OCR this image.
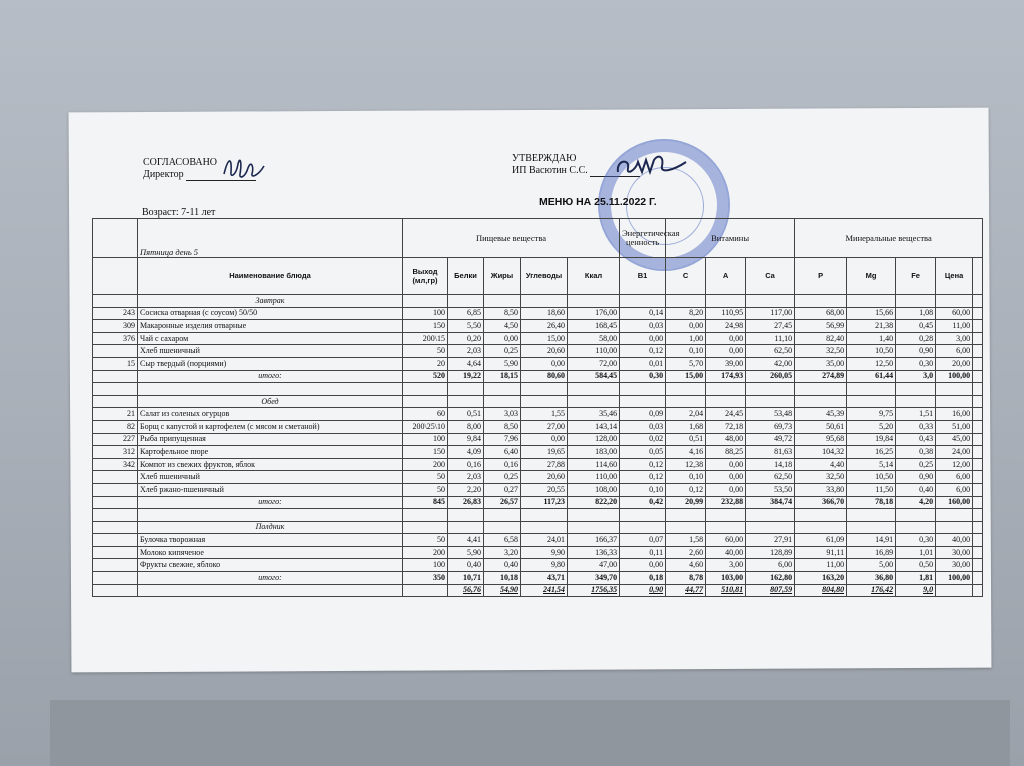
СОГЛАСОВАНО
Директор
УТВЕРЖДАЮ
ИП Васютин С.С.
МЕНЮ НА 25.11.2022 Г.
Возраст: 7-11 лет
	Пятница день 5	Пищевые вещества					Энергетическая ценность	Витамины			Минеральные вещества					
	Наименование блюда	Выход (мл,гр)	Белки	Жиры	Углеводы	Ккал	B1	C	A	Ca	P	Mg	Fe	Цена		
	Завтрак															
243	Сосиска отварная (с соусом) 50/50	100	6,85	8,50	18,60	176,00	0,14	8,20	110,95	117,00	68,00	15,66	1,08	60,00		
309	Макаронные изделия отварные	150	5,50	4,50	26,40	168,45	0,03	0,00	24,98	27,45	56,99	21,38	0,45	11,00		
376	Чай с сахаром	200\15	0,20	0,00	15,00	58,00	0,00	1,00	0,00	11,10	82,40	1,40	0,28	3,00		
	Хлеб пшеничный	50	2,03	0,25	20,60	110,00	0,12	0,10	0,00	62,50	32,50	10,50	0,90	6,00		
15	Сыр твердый (порциями)	20	4,64	5,90	0,00	72,00	0,01	5,70	39,00	42,00	35,00	12,50	0,30	20,00		
	итого:	520	19,22	18,15	80,60	584,45	0,30	15,00	174,93	260,05	274,89	61,44	3,0	100,00		

	Обед															
21	Салат из соленых огурцов	60	0,51	3,03	1,55	35,46	0,09	2,04	24,45	53,48	45,39	9,75	1,51	16,00		
82	Борщ с капустой и картофелем (с мясом и сметаной)	200\25\10	8,00	8,50	27,00	143,14	0,03	1,68	72,18	69,73	50,61	5,20	0,33	51,00		
227	Рыба припущенная	100	9,84	7,96	0,00	128,00	0,02	0,51	48,00	49,72	95,68	19,84	0,43	45,00		
312	Картофельное пюре	150	4,09	6,40	19,65	183,00	0,05	4,16	88,25	81,63	104,32	16,25	0,38	24,00		
342	Компот из свежих фруктов, яблок	200	0,16	0,16	27,88	114,60	0,12	12,38	0,00	14,18	4,40	5,14	0,25	12,00		
	Хлеб пшеничный	50	2,03	0,25	20,60	110,00	0,12	0,10	0,00	62,50	32,50	10,50	0,90	6,00		
	Хлеб ржано-пшеничный	50	2,20	0,27	20,55	108,00	0,10	0,12	0,00	53,50	33,80	11,50	0,40	6,00		
	итого:	845	26,83	26,57	117,23	822,20	0,42	20,99	232,88	384,74	366,70	78,18	4,20	160,00		

	Полдник															
	Булочка творожная	50	4,41	6,58	24,01	166,37	0,07	1,58	60,00	27,91	61,09	14,91	0,30	40,00		
	Молоко кипяченое	200	5,90	3,20	9,90	136,33	0,11	2,60	40,00	128,89	91,11	16,89	1,01	30,00		
	Фрукты свежие, яблоко	100	0,40	0,40	9,80	47,00	0,00	4,60	3,00	6,00	11,00	5,00	0,50	30,00		
	итого:	350	10,71	10,18	43,71	349,70	0,18	8,78	103,00	162,80	163,20	36,80	1,81	100,00		
			56,76	54,90	241,54	1756,35	0,90	44,77	510,81	807,59	804,80	176,42	9,0			
